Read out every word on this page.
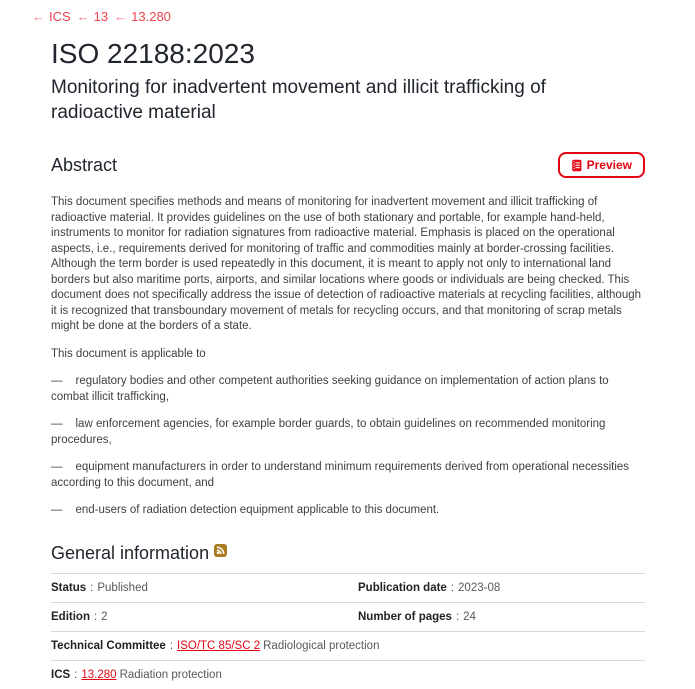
← ICS ← 13 ← 13.280
ISO 22188:2023
Monitoring for inadvertent movement and illicit trafficking of radioactive material
Abstract	Preview

This document specifies methods and means of monitoring for inadvertent movement and illicit trafficking of radioactive material. It provides guidelines on the use of both stationary and portable, for example hand-held, instruments to monitor for radiation signatures from radioactive material. Emphasis is placed on the operational aspects, i.e., requirements derived for monitoring of traffic and commodities mainly at border-crossing facilities. Although the term border is used repeatedly in this document, it is meant to apply not only to international land borders but also maritime ports, airports, and similar locations where goods or individuals are being checked. This document does not specifically address the issue of detection of radioactive materials at recycling facilities, although it is recognized that transboundary movement of metals for recycling occurs, and that monitoring of scrap metals might be done at the borders of a state.

This document is applicable to

— regulatory bodies and other competent authorities seeking guidance on implementation of action plans to combat illicit trafficking,

— law enforcement agencies, for example border guards, to obtain guidelines on recommended monitoring procedures,

— equipment manufacturers in order to understand minimum requirements derived from operational necessities according to this document, and

— end-users of radiation detection equipment applicable to this document.

General information
Status : Published	Publication date : 2023-08
Edition : 2	Number of pages : 24
Technical Committee : ISO/TC 85/SC 2 Radiological protection
ICS : 13.280 Radiation protection
